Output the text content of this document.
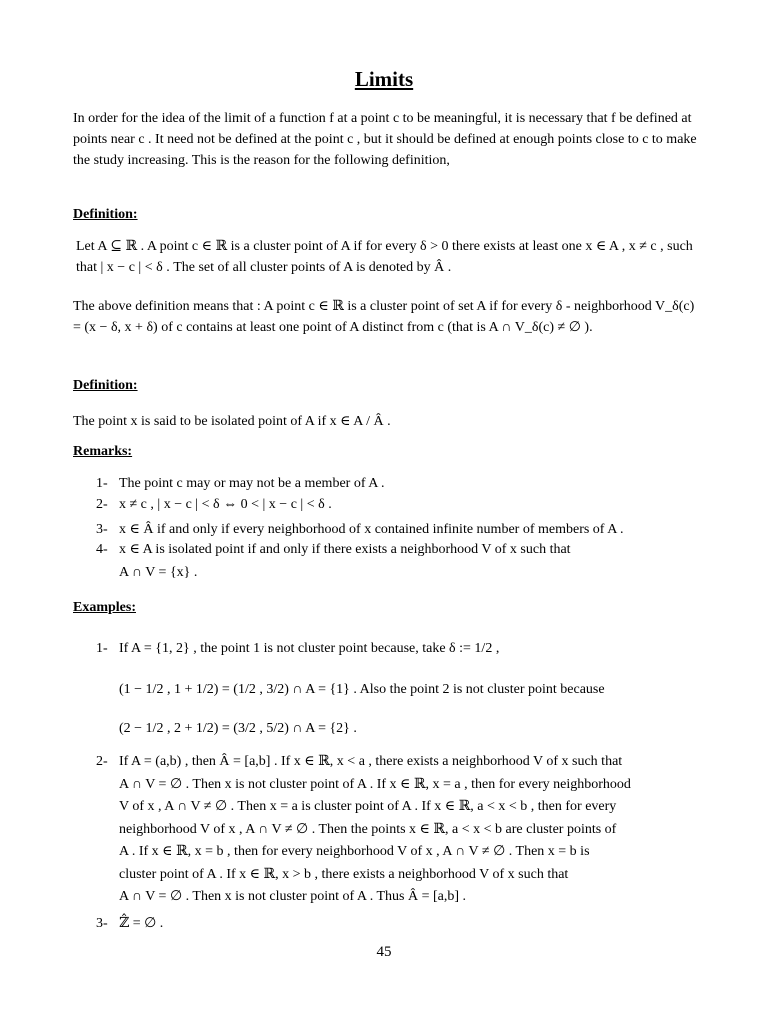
Limits
In order for the idea of the limit of a function f at a point c to be meaningful, it is necessary that f be defined at points near c . It need not be defined at the point c , but it should be defined at enough points close to c to make the study increasing. This is the reason for the following definition,
Definition:
Let A ⊆ ℝ . A point c ∈ ℝ is a cluster point of A if for every δ > 0 there exists at least one x ∈ A , x ≠ c , such that | x − c | < δ . The set of all cluster points of A is denoted by Â .
The above definition means that : A point c ∈ ℝ is a cluster point of set A if for every δ - neighborhood V_δ(c) = (x − δ, x + δ) of c contains at least one point of A distinct from c (that is A ∩ V_δ(c) ≠ ∅ ).
Definition:
The point x is said to be isolated point of A if x ∈ A / Â .
Remarks:
1- The point c may or may not be a member of A .
2- x ≠ c , | x − c | < δ ⇔ 0 < | x − c | < δ .
3- x ∈ Â if and only if every neighborhood of x contained infinite number of members of A .
4- x ∈ A is isolated point if and only if there exists a neighborhood V of x such that
A ∩ V = {x} .
Examples:
1- If A = {1, 2} , the point 1 is not cluster point because, take δ := 1/2 ,
(1 − 1/2 , 1 + 1/2) = (1/2 , 3/2) ∩ A = {1} . Also the point 2 is not cluster point because
(2 − 1/2 , 2 + 1/2) = (3/2 , 5/2) ∩ A = {2} .
2- If A = (a,b) , then Â = [a,b] . If x ∈ ℝ, x < a , there exists a neighborhood V of x such that
A ∩ V = ∅ . Then x is not cluster point of A . If x ∈ ℝ, x = a , then for every neighborhood
V of x , A ∩ V ≠ ∅ . Then x = a is cluster point of A . If x ∈ ℝ, a < x < b , then for every
neighborhood V of x , A ∩ V ≠ ∅ . Then the points x ∈ ℝ, a < x < b are cluster points of
A . If x ∈ ℝ, x = b , then for every neighborhood V of x , A ∩ V ≠ ∅ . Then x = b is
cluster point of A . If x ∈ ℝ, x > b , there exists a neighborhood V of x such that
A ∩ V = ∅ . Then x is not cluster point of A . Thus Â = [a,b] .
3- ℤ̂ = ∅ .
45
